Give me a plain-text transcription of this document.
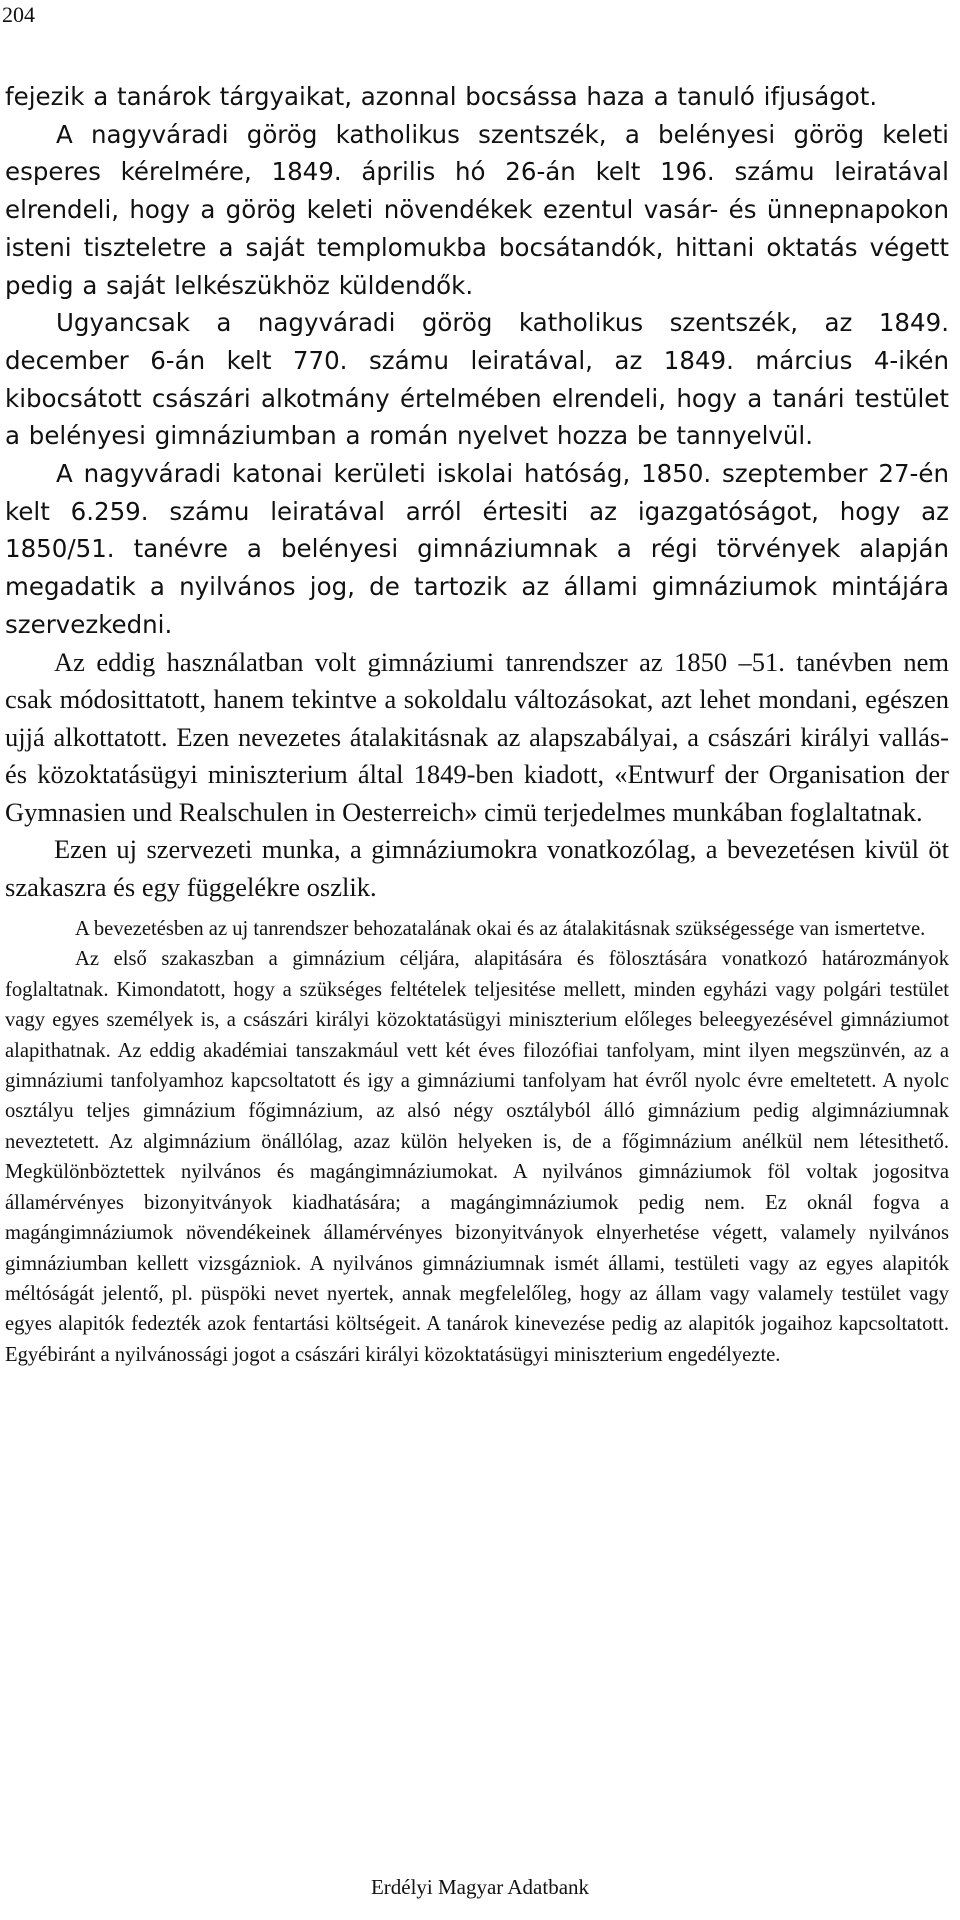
204

fejezik a tanárok tárgyaikat, azonnal bocsássa haza a tanuló ifjuságot.

A nagyváradi görög katholikus szentszék, a belényesi görög keleti esperes kérelmére, 1849. április hó 26-án kelt 196. számu leiratával elrendeli, hogy a görög keleti növendékek ezentul vasár- és ünnepnapokon isteni tiszteletre a saját templomukba bocsátandók, hittani oktatás végett pedig a saját lelkészükhöz küldendők.

Ugyancsak a nagyváradi görög katholikus szentszék, az 1849. december 6-án kelt 770. számu leiratával, az 1849. március 4-ikén kibocsátott császári alkotmány értelmében elrendeli, hogy a tanári testület a belényesi gimnáziumban a román nyelvet hozza be tannyelvül.

A nagyváradi katonai kerületi iskolai hatóság, 1850. szeptember 27-én kelt 6.259. számu leiratával arról értesiti az igazgatóságot, hogy az 1850/51. tanévre a belényesi gimnáziumnak a régi törvények alapján megadatik a nyilvános jog, de tartozik az állami gimnáziumok mintájára szervezkedni.

Az eddig használatban volt gimnáziumi tanrendszer az 1850 –51. tanévben nem csak módosittatott, hanem tekintve a sokoldalu változásokat, azt lehet mondani, egészen ujjá alkottatott. Ezen nevezetes átalakitásnak az alapszabályai, a császári királyi vallás- és közoktatásügyi miniszterium által 1849-ben kiadott, «Entwurf der Organisation der Gymnasien und Realschulen in Oesterreich» cimü terjedelmes munkában foglaltatnak.

Ezen uj szervezeti munka, a gimnáziumokra vonatkozólag, a bevezetésen kivül öt szakaszra és egy függelékre oszlik.

A bevezetésben az uj tanrendszer behozatalának okai és az átalakitásnak szükségessége van ismertetve.

Az első szakaszban a gimnázium céljára, alapitására és fölosztására vonatkozó határozmányok foglaltatnak. Kimondatott, hogy a szükséges feltételek teljesitése mellett, minden egyházi vagy polgári testület vagy egyes személyek is, a császári királyi közoktatásügyi miniszterium előleges beleegyezésével gimnáziumot alapithatnak. Az eddig akadémiai tanszakmául vett két éves filozófiai tanfolyam, mint ilyen megszünvén, az a gimnáziumi tanfolyamhoz kapcsoltatott és igy a gimnáziumi tanfolyam hat évről nyolc évre emeltetett. A nyolc osztályu teljes gimnázium főgimnázium, az alsó négy osztályból álló gimnázium pedig algimnáziumnak neveztetett. Az algimnázium önállólag, azaz külön helyeken is, de a főgimnázium anélkül nem létesithető. Megkülönböztettek nyilvános és magángimnáziumokat. A nyilvános gimnáziumok föl voltak jogositva államérvényes bizonyitványok kiadhatására; a magángimnáziumok pedig nem. Ez oknál fogva a magángimnáziumok növendékeinek államérvényes bizonyitványok elnyerhetése végett, valamely nyilvános gimnáziumban kellett vizsgázniok. A nyilvános gimnáziumnak ismét állami, testületi vagy az egyes alapitók méltóságát jelentő, pl. püspöki nevet nyertek, annak megfelelőleg, hogy az állam vagy valamely testület vagy egyes alapitók fedezték azok fentartási költségeit. A tanárok kinevezése pedig az alapitók jogaihoz kapcsoltatott. Egyébiránt a nyilvánossági jogot a császári királyi közoktatásügyi miniszterium engedélyezte.

Erdélyi Magyar Adatbank
